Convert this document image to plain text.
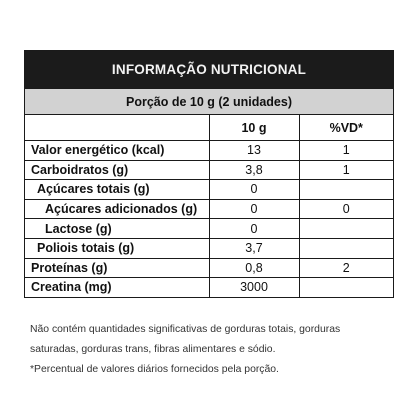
INFORMAÇÃO NUTRICIONAL
Porção de 10 g (2 unidades)
	10 g	%VD*
Valor energético (kcal)	13	1
Carboidratos (g)	3,8	1
Açúcares totais (g)	0	
Açúcares adicionados (g)	0	0
Lactose (g)	0	
Poliois totais (g)	3,7	
Proteínas (g)	0,8	2
Creatina (mg)	3000	

Não contém quantidades significativas de gorduras totais, gorduras

saturadas, gorduras trans, fibras alimentares e sódio.

*Percentual de valores diários fornecidos pela porção.
